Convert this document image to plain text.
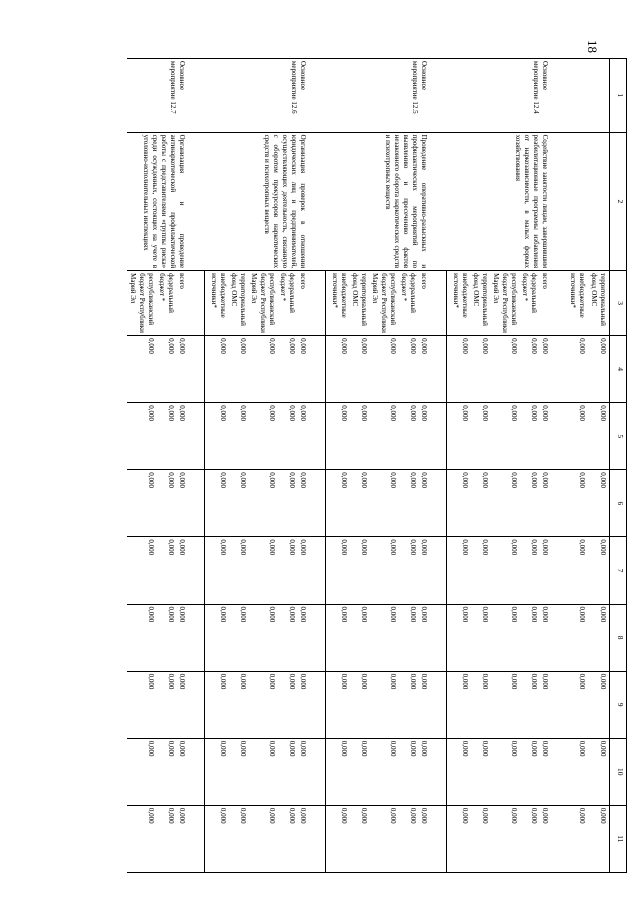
18
1	2	3	4	5	6	7	8	9	10	11
		территориальный фонд ОМС	0,000	0,000	0,000	0,000	0,000	0,000	0,000	0,000
		внебюджетные источники*	0,000	0,000	0,000	0,000	0,000	0,000	0,000	0,000
Основное мероприятие 12.4	Содействие занятости лицам, завершившим реабилитационные программы избавления от наркозависимости, в малых формах хозяйствования	всего	0,000	0,000	0,000	0,000	0,000	0,000	0,000	0,000
		федеральный бюджет *	0,000	0,000	0,000	0,000	0,000	0,000	0,000	0,000
		республиканский бюджет Республики Марий Эл	0,000	0,000	0,000	0,000	0,000	0,000	0,000	0,000
		территориальный фонд ОМС	0,000	0,000	0,000	0,000	0,000	0,000	0,000	0,000
		внебюджетные источники*	0,000	0,000	0,000	0,000	0,000	0,000	0,000	0,000
Основное мероприятие 12.5	Проведение оперативно-разыскных и профилактических мероприятий по выявлению и пресечению фактов незаконного оборота наркотических средств и психотропных веществ	всего	0,000	0,000	0,000	0,000	0,000	0,000	0,000	0,000
		федеральный бюджет *	0,000	0,000	0,000	0,000	0,000	0,000	0,000	0,000
		республиканский бюджет Республики Марий Эл	0,000	0,000	0,000	0,000	0,000	0,000	0,000	0,000
		территориальный фонд ОМС	0,000	0,000	0,000	0,000	0,000	0,000	0,000	0,000
		внебюджетные источники*	0,000	0,000	0,000	0,000	0,000	0,000	0,000	0,000
Основное мероприятие 12.6	Организация проверок в отношении юридических лиц и предпринимателей, осуществляющих деятельность, связанную с оборотом прекурсоров наркотических средств и психотропных веществ	всего	0,000	0,000	0,000	0,000	0,000	0,000	0,000	0,000
		федеральный бюджет *	0,000	0,000	0,000	0,000	0,000	0,000	0,000	0,000
		республиканский бюджет Республики Марий Эл	0,000	0,000	0,000	0,000	0,000	0,000	0,000	0,000
		территориальный фонд ОМС	0,000	0,000	0,000	0,000	0,000	0,000	0,000	0,000
		внебюджетные источники*	0,000	0,000	0,000	0,000	0,000	0,000	0,000	0,000
Основное мероприятие 12.7	Организация и проведение антинаркотической профилактической работы с представителями «группы риска» среди осужденных, состоящих на учете в уголовно-исполнительных инспекциях	всего	0,000	0,000	0,000	0,000	0,000	0,000	0,000	0,000
		федеральный бюджет *	0,000	0,000	0,000	0,000	0,000	0,000	0,000	0,000
		республиканский бюджет Республики Марий Эл	0,000	0,000	0,000	0,000	0,000	0,000	0,000	0,000
